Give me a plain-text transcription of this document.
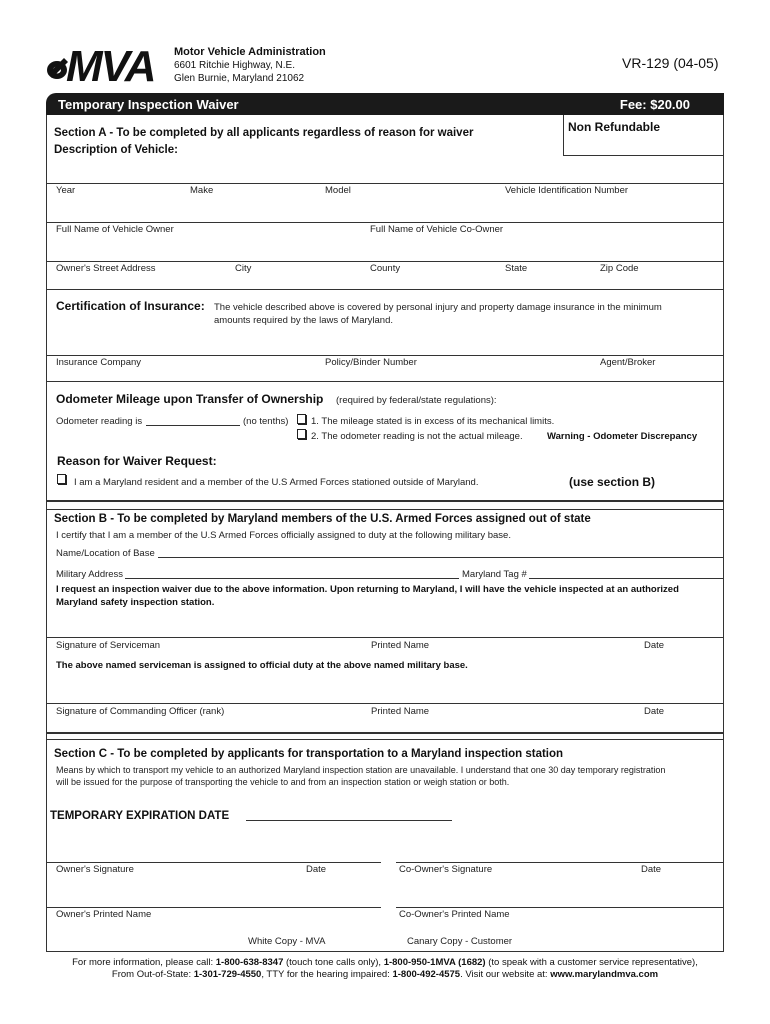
MVA Motor Vehicle Administration
6601 Ritchie Highway, N.E.
Glen Burnie, Maryland 21062
VR-129 (04-05)
Temporary Inspection Waiver	Fee: $20.00
Non Refundable
Section A - To be completed by all applicants regardless of reason for waiver
Description of Vehicle:
Year	Make	Model	Vehicle Identification Number
Full Name of Vehicle Owner	Full Name of Vehicle Co-Owner
Owner's Street Address	City	County	State	Zip Code
Certification of Insurance: The vehicle described above is covered by personal injury and property damage insurance in the minimum
amounts required by the laws of Maryland.
Insurance Company	Policy/Binder Number	Agent/Broker
Odometer Mileage upon Transfer of Ownership (required by federal/state regulations):
Odometer reading is	(no tenths) 1. The mileage stated is in excess of its mechanical limits.
2. The odometer reading is not the actual mileage.	Warning - Odometer Discrepancy
Reason for Waiver Request:
I am a Maryland resident and a member of the U.S Armed Forces stationed outside of Maryland.	(use section B)
Section B - To be completed by Maryland members of the U.S. Armed Forces assigned out of state
I certify that I am a member of the U.S Armed Forces officially assigned to duty at the following military base.
Name/Location of Base
Military Address	Maryland Tag #
I request an inspection waiver due to the above information. Upon returning to Maryland, I will have the vehicle inspected at an authorized
Maryland safety inspection station.
Signature of Serviceman	Printed Name	Date
The above named serviceman is assigned to official duty at the above named military base.
Signature of Commanding Officer (rank)	Printed Name	Date
Section C - To be completed by applicants for transportation to a Maryland inspection station
Means by which to transport my vehicle to an authorized Maryland inspection station are unavailable. I understand that one 30 day temporary registration
will be issued for the purpose of transporting the vehicle to and from an inspection station or weigh station or both.
TEMPORARY EXPIRATION DATE
Owner's Signature	Date	Co-Owner's Signature	Date
Owner's Printed Name	Co-Owner's Printed Name
White Copy - MVA	Canary Copy - Customer
For more information, please call: 1-800-638-8347 (touch tone calls only), 1-800-950-1MVA (1682) (to speak with a customer service representative),
From Out-of-State: 1-301-729-4550, TTY for the hearing impaired: 1-800-492-4575. Visit our website at: www.marylandmva.com
